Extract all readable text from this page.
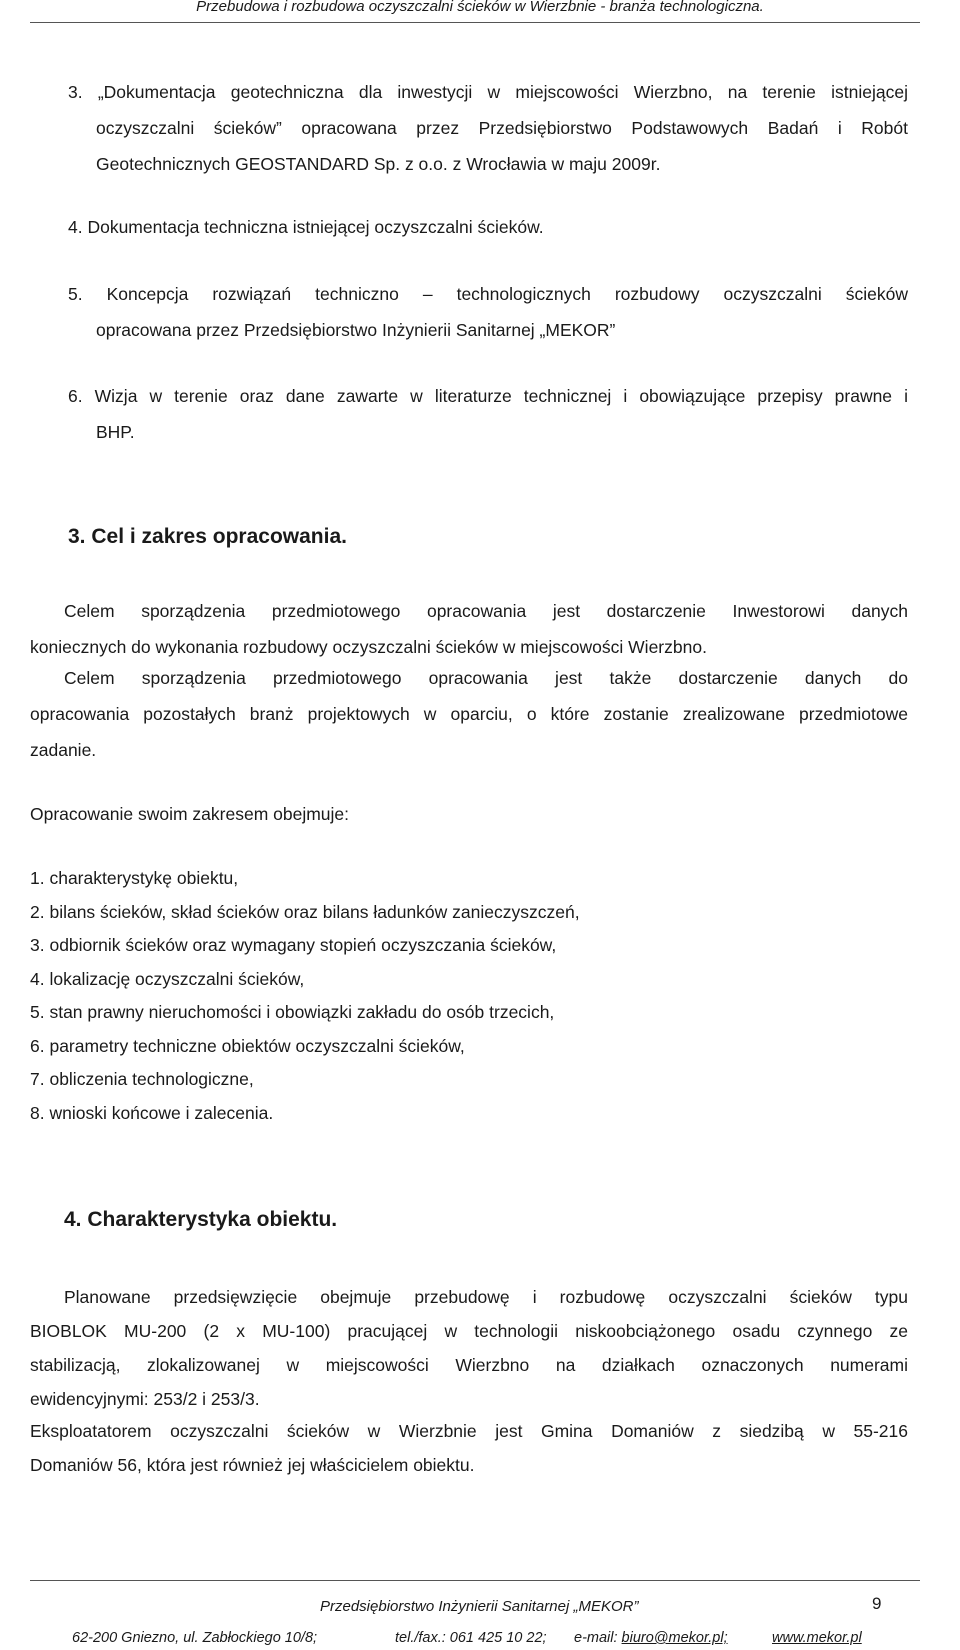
Przebudowa i rozbudowa oczyszczalni ścieków w Wierzbnie - branża technologiczna.
3. „Dokumentacja geotechniczna dla inwestycji w miejscowości Wierzbno, na terenie istniejącej
oczyszczalni ścieków” opracowana przez Przedsiębiorstwo Podstawowych Badań i Robót
Geotechnicznych GEOSTANDARD Sp. z o.o. z Wrocławia w maju 2009r.
4. Dokumentacja techniczna istniejącej oczyszczalni ścieków.
5. Koncepcja rozwiązań techniczno – technologicznych rozbudowy oczyszczalni ścieków
opracowana przez Przedsiębiorstwo Inżynierii Sanitarnej „MEKOR”
6. Wizja w terenie oraz dane zawarte w literaturze technicznej i obowiązujące przepisy prawne i
BHP.
3. Cel i zakres opracowania.
Celem sporządzenia przedmiotowego opracowania jest dostarczenie Inwestorowi danych
koniecznych do wykonania rozbudowy oczyszczalni ścieków w miejscowości Wierzbno.
Celem sporządzenia przedmiotowego opracowania jest także dostarczenie danych do
opracowania pozostałych branż projektowych w oparciu, o które zostanie zrealizowane przedmiotowe
zadanie.
Opracowanie swoim zakresem obejmuje:
1. charakterystykę obiektu,
2. bilans ścieków, skład ścieków oraz bilans ładunków zanieczyszczeń,
3. odbiornik ścieków oraz wymagany stopień oczyszczania ścieków,
4. lokalizację oczyszczalni ścieków,
5. stan prawny nieruchomości i obowiązki zakładu do osób trzecich,
6. parametry techniczne obiektów oczyszczalni ścieków,
7. obliczenia technologiczne,
8. wnioski końcowe i zalecenia.
4. Charakterystyka obiektu.
Planowane przedsięwzięcie obejmuje przebudowę i rozbudowę oczyszczalni ścieków typu
BIOBLOK MU-200 (2 x MU-100) pracującej w technologii niskoobciążonego osadu czynnego ze
stabilizacją, zlokalizowanej w miejscowości Wierzbno na działkach oznaczonych numerami
ewidencyjnymi: 253/2 i 253/3.
Eksploatatorem oczyszczalni ścieków w Wierzbnie jest Gmina Domaniów z siedzibą w 55-216
Domaniów 56, która jest również jej właścicielem obiektu.
Przedsiębiorstwo Inżynierii Sanitarnej „MEKOR”	9
62-200 Gniezno, ul. Zabłockiego 10/8;	tel./fax.: 061 425 10 22; e-mail: biuro@mekor.pl;	www.mekor.pl
